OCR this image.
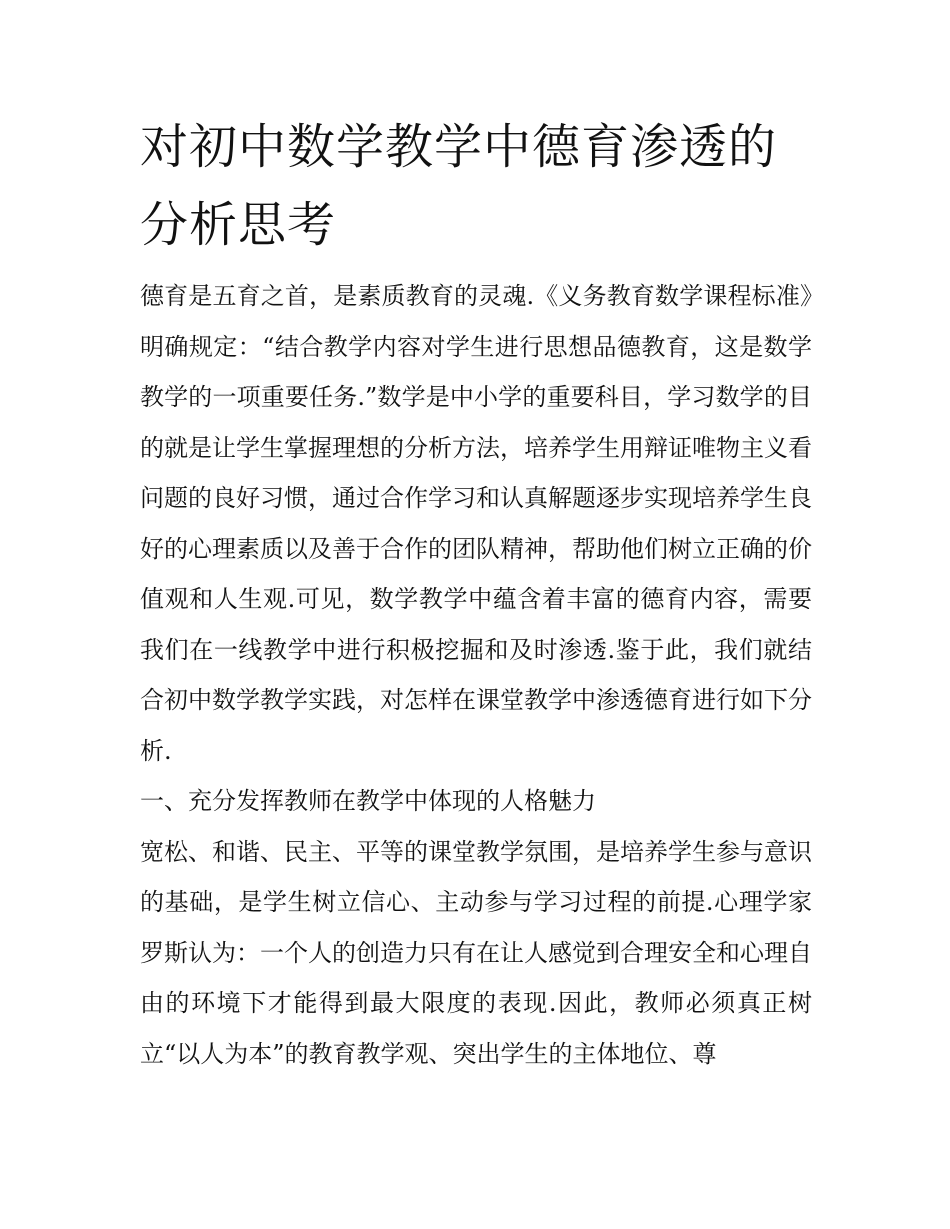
对初中数学教学中德育渗透的分析思考

德育是五育之首，是素质教育的灵魂.《义务教育数学课程标准》明确规定：“结合教学内容对学生进行思想品德教育，这是数学教学的一项重要任务.”数学是中小学的重要科目，学习数学的目的就是让学生掌握理想的分析方法，培养学生用辩证唯物主义看问题的良好习惯，通过合作学习和认真解题逐步实现培养学生良好的心理素质以及善于合作的团队精神，帮助他们树立正确的价值观和人生观.可见，数学教学中蕴含着丰富的德育内容，需要我们在一线教学中进行积极挖掘和及时渗透.鉴于此，我们就结合初中数学教学实践，对怎样在课堂教学中渗透德育进行如下分析.

一、充分发挥教师在教学中体现的人格魅力

宽松、和谐、民主、平等的课堂教学氛围，是培养学生参与意识的基础，是学生树立信心、主动参与学习过程的前提.心理学家罗斯认为：一个人的创造力只有在让人感觉到合理安全和心理自由的环境下才能得到最大限度的表现.因此，教师必须真正树立“以人为本”的教育教学观、突出学生的主体地位、尊
